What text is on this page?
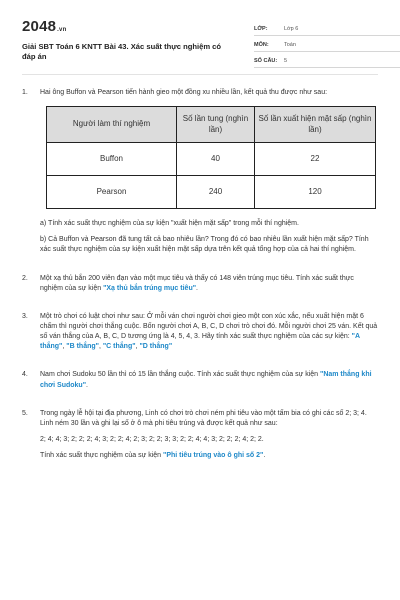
2048.vn
Giải SBT Toán 6 KNTT Bài 43. Xác suất thực nghiệm có đáp án
LỚP:	Lớp 6
MÔN:	Toán
SỐ CÂU:	5
1.	Hai ông Buffon và Pearson tiến hành gieo một đồng xu nhiều lần, kết quả thu được như sau:

Người làm thí nghiệm	Số lần tung (nghìn lần)	Số lần xuất hiện mặt sấp (nghìn lần)
Buffon	40	22
Pearson	240	120

a) Tính xác suất thực nghiệm của sự kiện "xuất hiện mặt sấp" trong mỗi thí nghiệm.

b) Cả Buffon và Pearson đã tung tất cả bao nhiêu lần? Trong đó có bao nhiêu lần xuất hiện mặt sấp? Tính xác suất thực nghiệm của sự kiện xuất hiện mặt sấp dựa trên kết quả tổng hợp của cả hai thí nghiệm.

2.	Một xạ thủ bắn 200 viên đạn vào một mục tiêu và thấy có 148 viên trúng mục tiêu. Tính xác suất thực nghiệm của sự kiện "Xạ thủ bắn trúng mục tiêu".

3.	Một trò chơi có luật chơi như sau: Ở mỗi ván chơi người chơi gieo một con xúc xắc, nếu xuất hiện mặt 6 chấm thì người chơi thắng cuộc. Bốn người chơi A, B, C, D chơi trò chơi đó. Mỗi người chơi 25 ván. Kết quả số ván thắng của A, B, C, D tương ứng là 4, 5, 4, 3. Hãy tính xác suất thực nghiệm của các sự kiện: "A thắng", "B thắng", "C thắng", "D thắng"

4.	Nam chơi Sudoku 50 lần thì có 15 lần thắng cuộc. Tính xác suất thực nghiệm của sự kiện "Nam thắng khi chơi Sudoku".

5.	Trong ngày lễ hội tại địa phương, Linh có chơi trò chơi ném phi tiêu vào một tấm bia có ghi các số 2; 3; 4. Linh ném 30 lần và ghi lại số ở ô mà phi tiêu trúng và được kết quả như sau:

2; 4; 4; 3; 2; 2; 2; 4; 3; 2; 2; 4; 2; 3; 2; 2; 3; 3; 2; 2; 4; 4; 3; 2; 2; 2; 4; 2; 2.

Tính xác suất thực nghiệm của sự kiện "Phi tiêu trúng vào ô ghi số 2".
